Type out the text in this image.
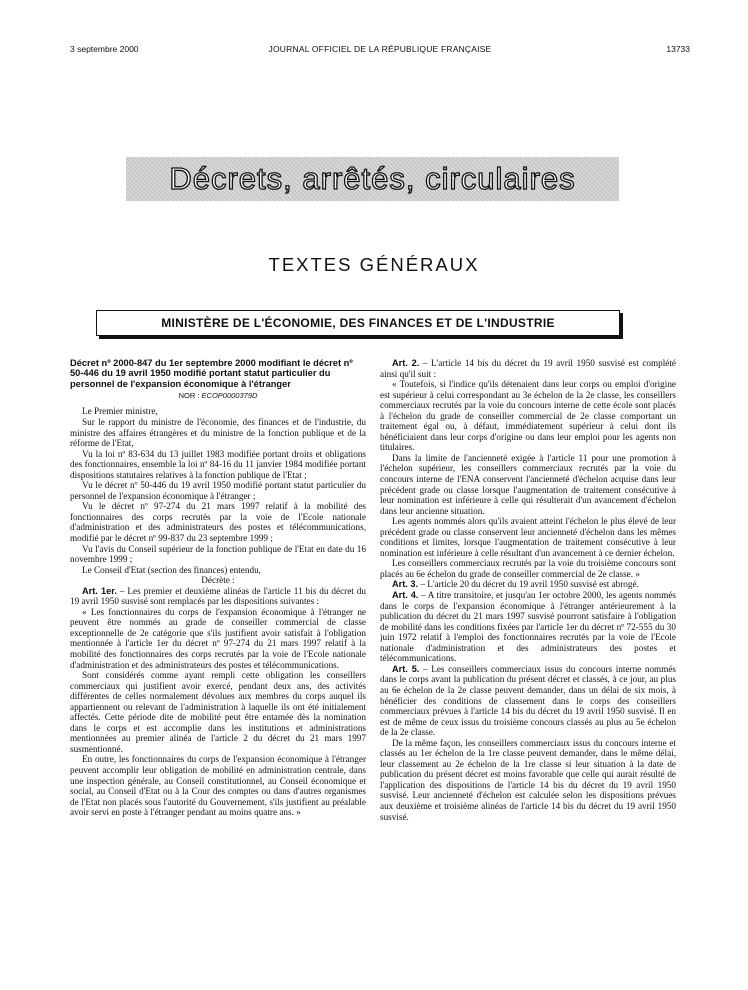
3 septembre 2000	JOURNAL OFFICIEL DE LA RÉPUBLIQUE FRANÇAISE	13733
Décrets, arrêtés, circulaires
TEXTES GÉNÉRAUX
MINISTÈRE DE L'ÉCONOMIE, DES FINANCES ET DE L'INDUSTRIE

Décret nº 2000-847 du 1er septembre 2000 modifiant le décret nº 50-446 du 19 avril 1950 modifié portant statut particulier du personnel de l'expansion économique à l'étranger

NOR : ECOP0000379D

Le Premier ministre,

Sur le rapport du ministre de l'économie, des finances et de l'industrie, du ministre des affaires étrangères et du ministre de la fonction publique et de la réforme de l'Etat,

Vu la loi nº 83-634 du 13 juillet 1983 modifiée portant droits et obligations des fonctionnaires, ensemble la loi nº 84-16 du 11 janvier 1984 modifiée portant dispositions statutaires relatives à la fonction publique de l'Etat ;

Vu le décret nº 50-446 du 19 avril 1950 modifié portant statut particulier du personnel de l'expansion économique à l'étranger ;

Vu le décret nº 97-274 du 21 mars 1997 relatif à la mobilité des fonctionnaires des corps recrutés par la voie de l'Ecole nationale d'administration et des administrateurs des postes et télécommunications, modifié par le décret nº 99-837 du 23 septembre 1999 ;

Vu l'avis du Conseil supérieur de la fonction publique de l'Etat en date du 16 novembre 1999 ;

Le Conseil d'Etat (section des finances) entendu,

Décrète :

Art. 1er. – Les premier et deuxième alinéas de l'article 11 bis du décret du 19 avril 1950 susvisé sont remplacés par les dispositions suivantes :

« Les fonctionnaires du corps de l'expansion économique à l'étranger ne peuvent être nommés au grade de conseiller commercial de classe exceptionnelle de 2e catégorie que s'ils justifient avoir satisfait à l'obligation mentionnée à l'article 1er du décret nº 97-274 du 21 mars 1997 relatif à la mobilité des fonctionnaires des corps recrutés par la voie de l'Ecole nationale d'administration et des administrateurs des postes et télécommunications.

Sont considérés comme ayant rempli cette obligation les conseillers commerciaux qui justifient avoir exercé, pendant deux ans, des activités différentes de celles normalement dévolues aux membres du corps auquel ils appartiennent ou relevant de l'administration à laquelle ils ont été initialement affectés. Cette période dite de mobilité peut être entamée dès la nomination dans le corps et est accomplie dans les institutions et administrations mentionnées au premier alinéa de l'article 2 du décret du 21 mars 1997 susmentionné.

En outre, les fonctionnaires du corps de l'expansion économique à l'étranger peuvent accomplir leur obligation de mobilité en administration centrale, dans une inspection générale, au Conseil constitutionnel, au Conseil économique et social, au Conseil d'Etat ou à la Cour des comptes ou dans d'autres organismes de l'Etat non placés sous l'autorité du Gouvernement, s'ils justifient au préalable avoir servi en poste à l'étranger pendant au moins quatre ans. »

Art. 2. – L'article 14 bis du décret du 19 avril 1950 susvisé est complété ainsi qu'il suit :

« Toutefois, si l'indice qu'ils détenaient dans leur corps ou emploi d'origine est supérieur à celui correspondant au 3e échelon de la 2e classe, les conseillers commerciaux recrutés par la voie du concours interne de cette école sont placés à l'échelon du grade de conseiller commercial de 2e classe comportant un traitement égal ou, à défaut, immédiatement supérieur à celui dont ils bénéficiaient dans leur corps d'origine ou dans leur emploi pour les agents non titulaires.

Dans la limite de l'ancienneté exigée à l'article 11 pour une promotion à l'échelon supérieur, les conseillers commerciaux recrutés par la voie du concours interne de l'ENA conservent l'ancienneté d'échelon acquise dans leur précédent grade ou classe lorsque l'augmentation de traitement consécutive à leur nomination est inférieure à celle qui résulterait d'un avancement d'échelon dans leur ancienne situation.

Les agents nommés alors qu'ils avaient atteint l'échelon le plus élevé de leur précédent grade ou classe conservent leur ancienneté d'échelon dans les mêmes conditions et limites, lorsque l'augmentation de traitement consécutive à leur nomination est inférieure à celle résultant d'un avancement à ce dernier échelon.

Les conseillers commerciaux recrutés par la voie du troisième concours sont placés au 6e échelon du grade de conseiller commercial de 2e classe. »

Art. 3. – L'article 20 du décret du 19 avril 1950 susvisé est abrogé.

Art. 4. – A titre transitoire, et jusqu'au 1er octobre 2000, les agents nommés dans le corps de l'expansion économique à l'étranger antérieurement à la publication du décret du 21 mars 1997 susvisé pourront satisfaire à l'obligation de mobilité dans les conditions fixées par l'article 1er du décret nº 72-555 du 30 juin 1972 relatif à l'emploi des fonctionnaires recrutés par la voie de l'Ecole nationale d'administration et des administrateurs des postes et télécommunications.

Art. 5. – Les conseillers commerciaux issus du concours interne nommés dans le corps avant la publication du présent décret et classés, à ce jour, au plus au 6e échelon de la 2e classe peuvent demander, dans un délai de six mois, à bénéficier des conditions de classement dans le corps des conseillers commerciaux prévues à l'article 14 bis du décret du 19 avril 1950 susvisé. Il en est de même de ceux issus du troisième concours classés au plus au 5e échelon de la 2e classe.

De la même façon, les conseillers commerciaux issus du concours interne et classés au 1er échelon de la 1re classe peuvent demander, dans le même délai, leur classement au 2e échelon de la 1re classe si leur situation à la date de publication du présent décret est moins favorable que celle qui aurait résulté de l'application des dispositions de l'article 14 bis du décret du 19 avril 1950 susvisé. Leur ancienneté d'échelon est calculée selon les dispositions prévues aux deuxième et troisième alinéas de l'article 14 bis du décret du 19 avril 1950 susvisé.
